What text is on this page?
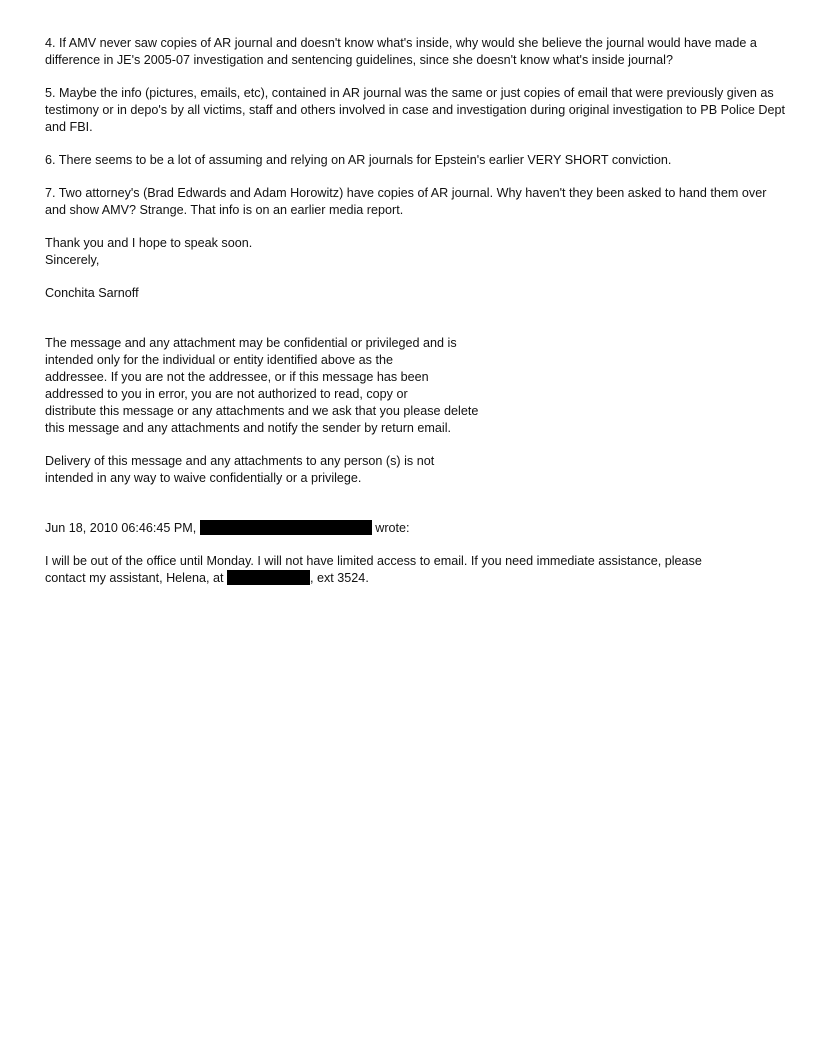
4. If AMV never saw copies of AR journal and doesn't know what's inside, why would she believe the journal would have made a difference in JE's 2005-07 investigation and sentencing guidelines, since she doesn't know what's inside journal?

5. Maybe the info (pictures, emails, etc), contained in AR journal was the same or just copies of email that were previously given as testimony or in depo's by all victims, staff and others involved in case and investigation during original investigation to PB Police Dept and FBI.

6. There seems to be a lot of assuming and relying on AR journals for Epstein's earlier VERY SHORT conviction.

7. Two attorney's (Brad Edwards and Adam Horowitz) have copies of AR journal. Why haven't they been asked to hand them over and show AMV? Strange. That info is on an earlier media report.

Thank you and I hope to speak soon.
Sincerely,
Conchita Sarnoff
The message and any attachment may be confidential or privileged and is
intended only for the individual or entity identified above as the
addressee. If you are not the addressee, or if this message has been
addressed to you in error, you are not authorized to read, copy or
distribute this message or any attachments and we ask that you please delete
this message and any attachments and notify the sender by return email.
Delivery of this message and any attachments to any person (s) is not
intended in any way to waive confidentially or a privilege.

Jun 18, 2010 06:46:45 PM,	wrote:

I will be out of the office until Monday. I will not have limited access to email. If you need immediate assistance, please
contact my assistant, Helena, at	, ext 3524.
